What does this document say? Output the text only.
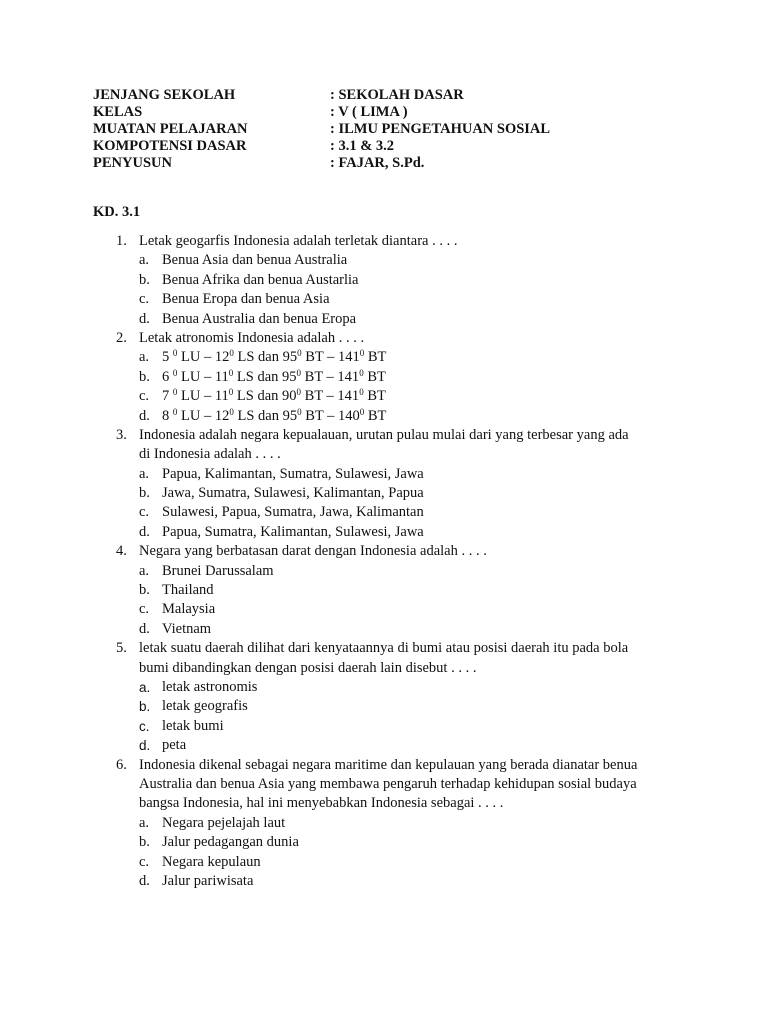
JENJANG SEKOLAH	: SEKOLAH DASAR
KELAS	: V ( LIMA )
MUATAN PELAJARAN	: ILMU PENGETAHUAN SOSIAL
KOMPOTENSI DASAR	: 3.1 & 3.2
PENYUSUN	: FAJAR, S.Pd.
KD. 3.1
1. Letak geogarfis Indonesia adalah terletak diantara . . . .
a. Benua Asia dan benua Australia
b. Benua Afrika dan benua Austarlia
c. Benua Eropa dan benua Asia
d. Benua Australia dan benua Eropa
2. Letak atronomis Indonesia adalah . . . .
a. 5 $^0$ LU – $12^0$ LS dan $95^0$ BT – $141^0$ BT
b. 6 $^0$ LU – $11^0$ LS dan $95^0$ BT – $141^0$ BT
c. 7 $^0$ LU – $11^0$ LS dan $90^0$ BT – $141^0$ BT
d. 8 $^0$ LU – $12^0$ LS dan $95^0$ BT – $140^0$ BT
3. Indonesia adalah negara kepualauan, urutan pulau mulai dari yang terbesar yang ada
di Indonesia adalah . . . .
a. Papua, Kalimantan, Sumatra, Sulawesi, Jawa
b. Jawa, Sumatra, Sulawesi, Kalimantan, Papua
c. Sulawesi, Papua, Sumatra, Jawa, Kalimantan
d. Papua, Sumatra, Kalimantan, Sulawesi, Jawa
4. Negara yang berbatasan darat dengan Indonesia adalah . . . .
a. Brunei Darussalam
b. Thailand
c. Malaysia
d. Vietnam
5. letak suatu daerah dilihat dari kenyataannya di bumi atau posisi daerah itu pada bola
bumi dibandingkan dengan posisi daerah lain disebut . . . .
a. letak astronomis
b. letak geografis
c. letak bumi
d. peta
6. Indonesia dikenal sebagai negara maritime dan kepulauan yang berada dianatar benua
Australia dan benua Asia yang membawa pengaruh terhadap kehidupan sosial budaya
bangsa Indonesia, hal ini menyebabkan Indonesia sebagai . . . .
a. Negara pejelajah laut
b. Jalur pedagangan dunia
c. Negara kepulaun
d. Jalur pariwisata
